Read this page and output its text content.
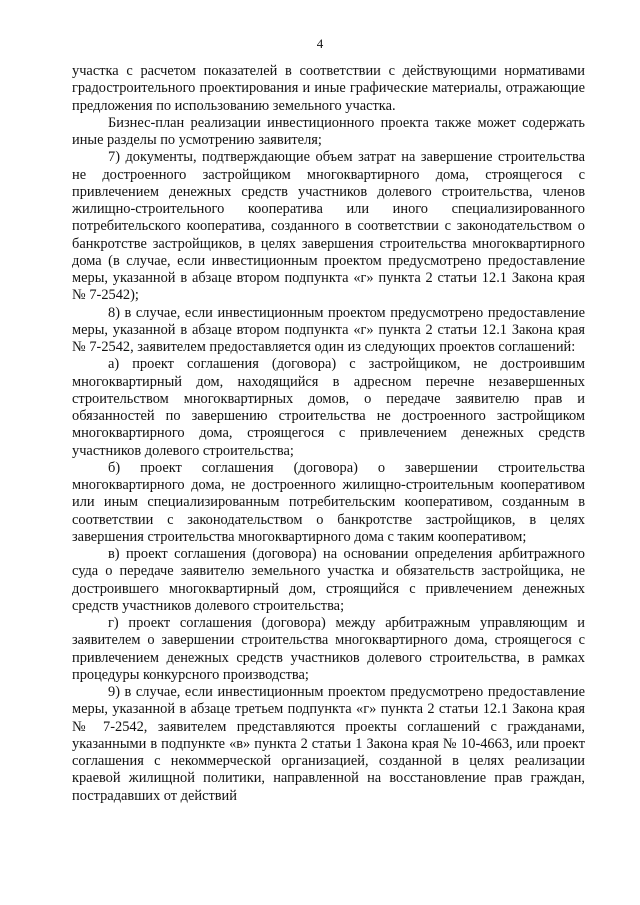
4

участка с расчетом показателей в соответствии с действующими нормативами градостроительного проектирования и иные графические материалы, отражающие предложения по использованию земельного участка.

Бизнес-план реализации инвестиционного проекта также может содержать иные разделы по усмотрению заявителя;

7) документы, подтверждающие объем затрат на завершение строительства не достроенного застройщиком многоквартирного дома, строящегося с привлечением денежных средств участников долевого строительства, членов жилищно-строительного кооператива или иного специализированного потребительского кооператива, созданного в соответствии с законодательством о банкротстве застройщиков, в целях завершения строительства многоквартирного дома (в случае, если инвестиционным проектом предусмотрено предоставление меры, указанной в абзаце втором подпункта «г» пункта 2 статьи 12.1 Закона края № 7-2542);

8) в случае, если инвестиционным проектом предусмотрено предоставление меры, указанной в абзаце втором подпункта «г» пункта 2 статьи 12.1 Закона края № 7-2542, заявителем предоставляется один из следующих проектов соглашений:

а) проект соглашения (договора) с застройщиком, не достроившим многоквартирный дом, находящийся в адресном перечне незавершенных строительством многоквартирных домов, о передаче заявителю прав и обязанностей по завершению строительства не достроенного застройщиком многоквартирного дома, строящегося с привлечением денежных средств участников долевого строительства;

б) проект соглашения (договора) о завершении строительства многоквартирного дома, не достроенного жилищно-строительным кооперативом или иным специализированным потребительским кооперативом, созданным в соответствии с законодательством о банкротстве застройщиков, в целях завершения строительства многоквартирного дома с таким кооперативом;

в) проект соглашения (договора) на основании определения арбитражного суда о передаче заявителю земельного участка и обязательств застройщика, не достроившего многоквартирный дом, строящийся с привлечением денежных средств участников долевого строительства;

г) проект соглашения (договора) между арбитражным управляющим и заявителем о завершении строительства многоквартирного дома, строящегося с привлечением денежных средств участников долевого строительства, в рамках процедуры конкурсного производства;

9) в случае, если инвестиционным проектом предусмотрено предоставление меры, указанной в абзаце третьем подпункта «г» пункта 2 статьи 12.1 Закона края № 7-2542, заявителем представляются проекты соглашений с гражданами, указанными в подпункте «в» пункта 2 статьи 1 Закона края № 10-4663, или проект соглашения с некоммерческой организацией, созданной в целях реализации краевой жилищной политики, направленной на восстановление прав граждан, пострадавших от действий
